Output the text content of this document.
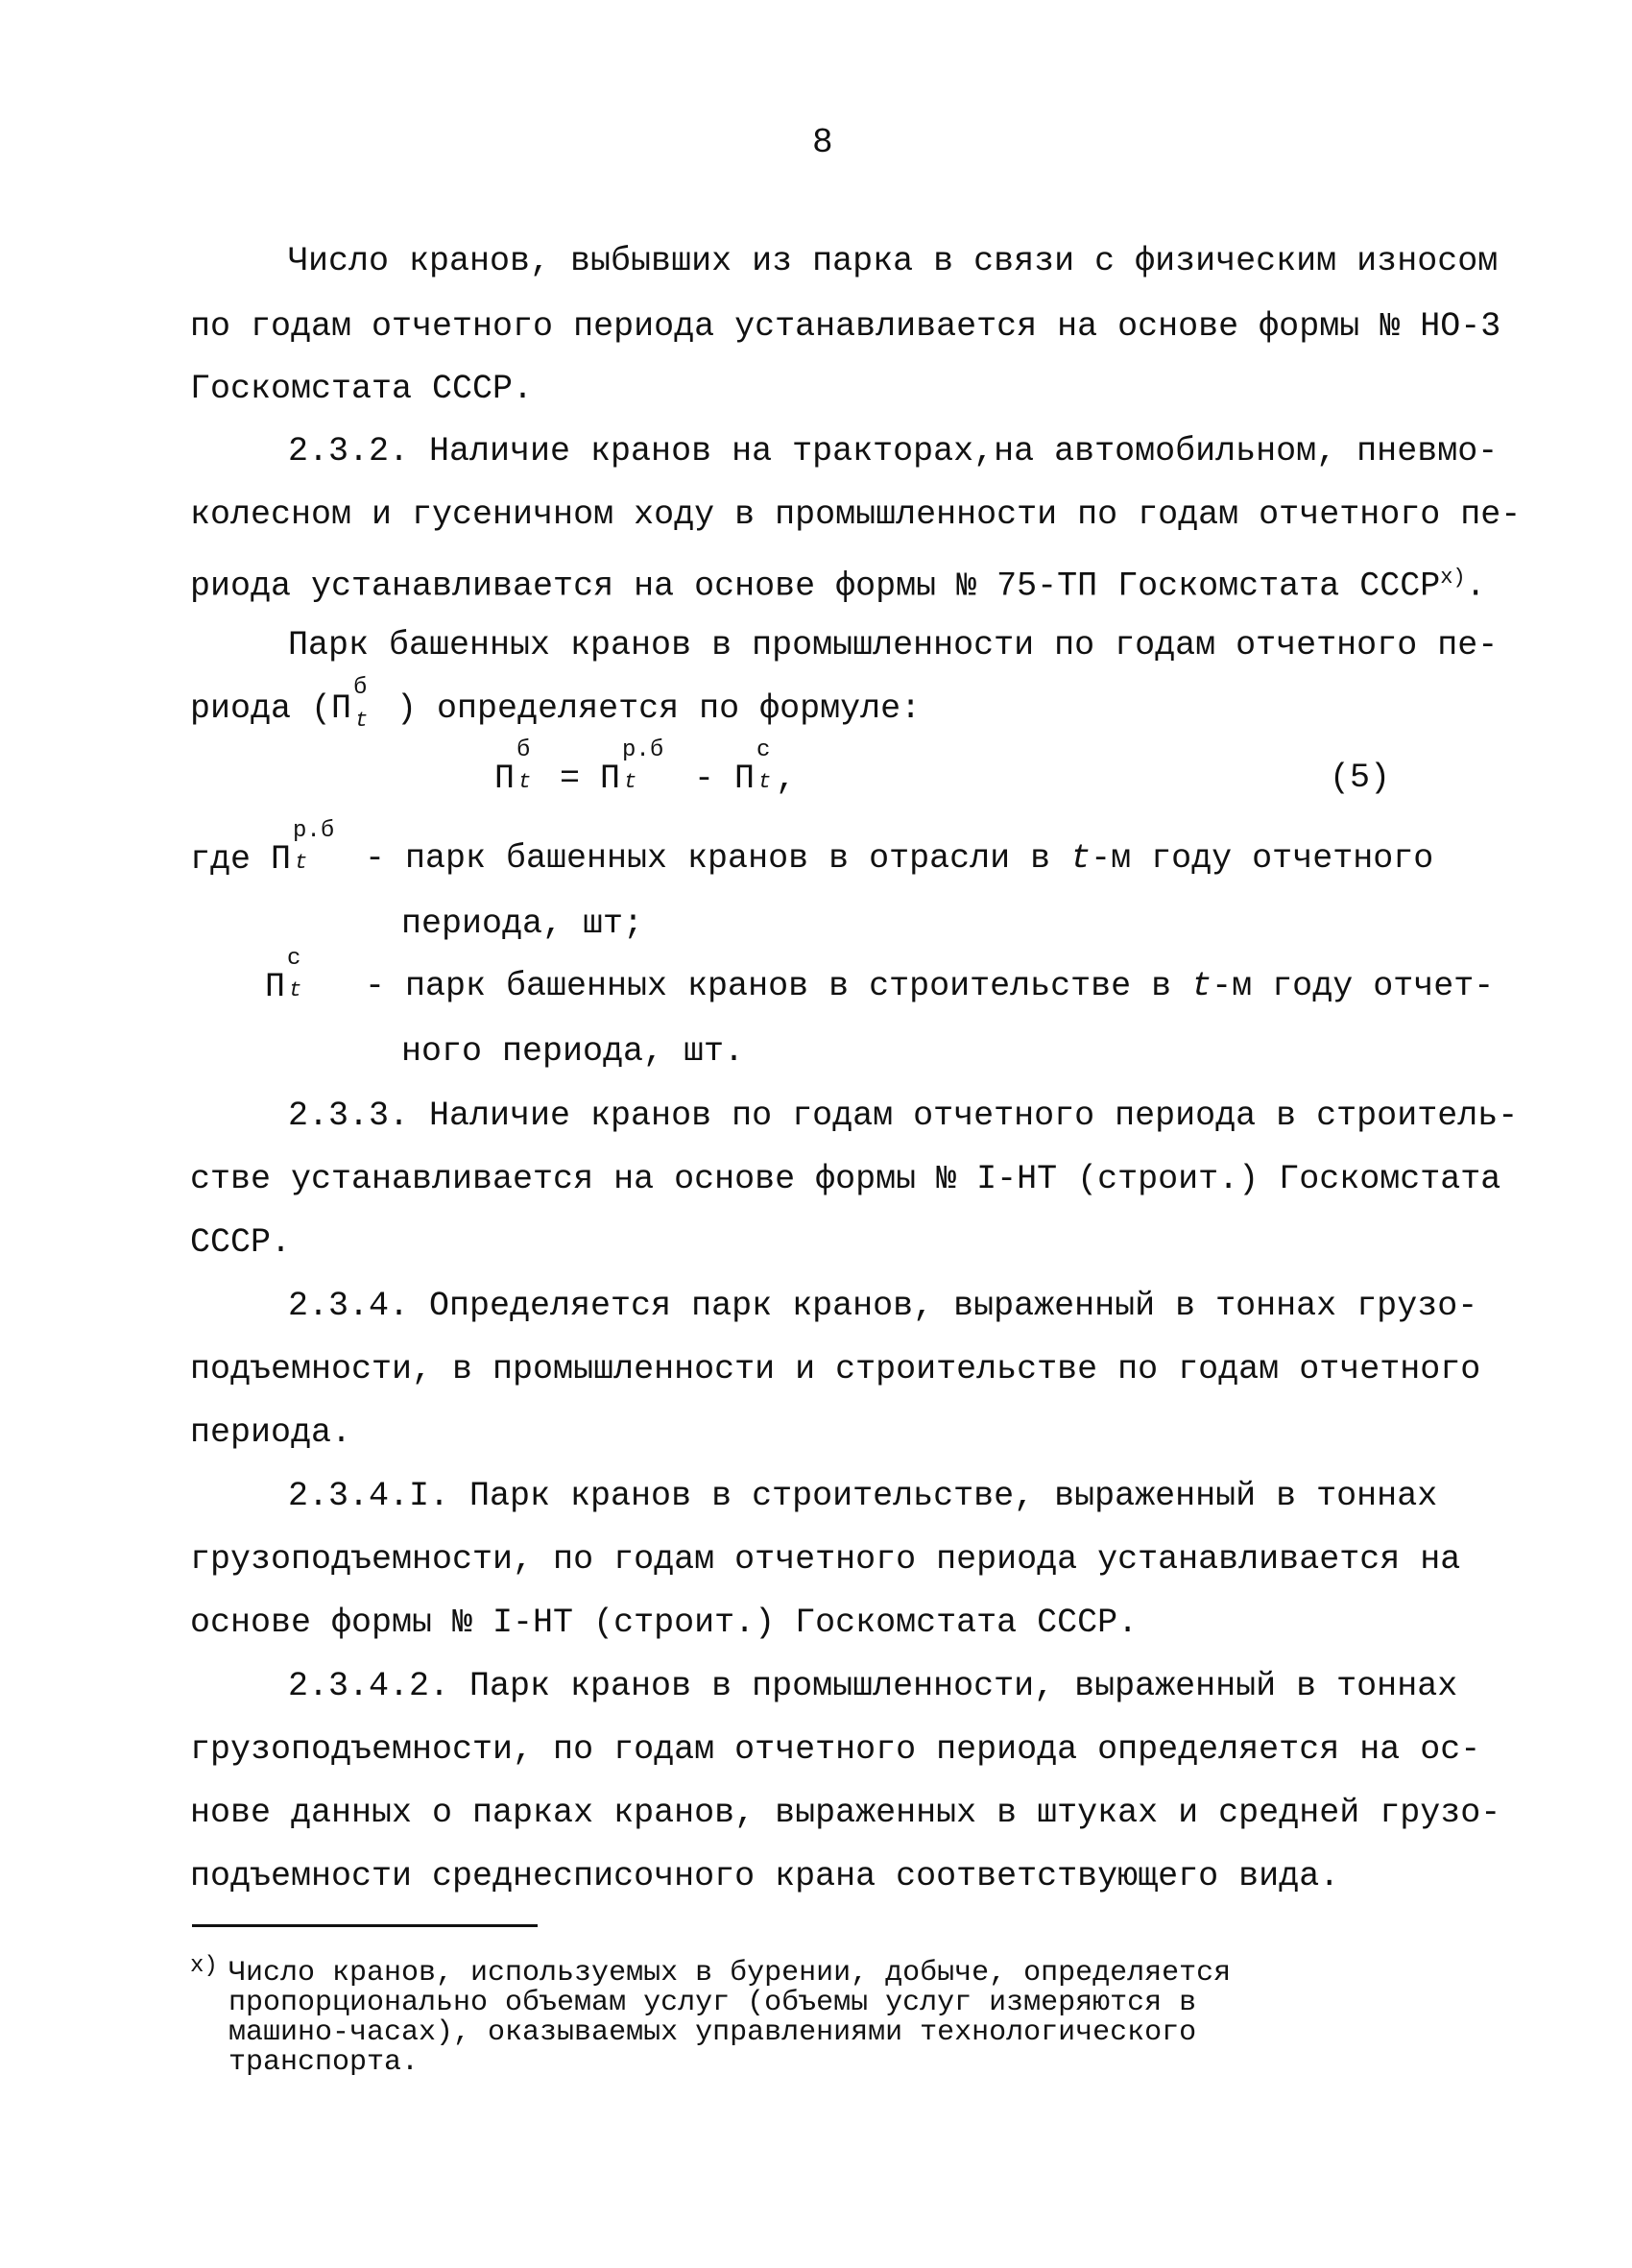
8
Число кранов, выбывших из парка в связи с физическим износом
по годам отчетного периода устанавливается на основе формы № НО-3
Госкомстата СССР.
2.3.2. Наличие кранов на тракторах,на автомобильном, пневмо-
колесном и гусеничном ходу в промышленности по годам отчетного пе-
риода устанавливается на основе формы № 75-ТП Госкомстата $СССР^{х)}$.
Парк башенных кранов в промышленности по годам отчетного пе-
риода (П
б
t ) определяется по формуле:
П
б
t = П
р.б
t - П
с
t ,	(5)
где П
р.б
t - парк башенных кранов в отрасли в t-м году отчетного
периода, шт;
П
с
t - парк башенных кранов в строительстве в t-м году отчет-
ного периода, шт.
2.3.3. Наличие кранов по годам отчетного периода в строитель-
стве устанавливается на основе формы № I-НТ (строит.) Госкомстата
СССР.
2.3.4. Определяется парк кранов, выраженный в тоннах грузо-
подъемности, в промышленности и строительстве по годам отчетного
периода.
2.3.4.I. Парк кранов в строительстве, выраженный в тоннах
грузоподъемности, по годам отчетного периода устанавливается на
основе формы № I-НТ (строит.) Госкомстата СССР.
2.3.4.2. Парк кранов в промышленности, выраженный в тоннах
грузоподъемности, по годам отчетного периода определяется на ос-
нове данных о парках кранов, выраженных в штуках и средней грузо-
подъемности среднесписочного крана соответствующего вида.
х) Число кранов, используемых в бурении, добыче, определяется
пропорционально объемам услуг (объемы услуг измеряются в
машино-часах), оказываемых управлениями технологического
транспорта.
